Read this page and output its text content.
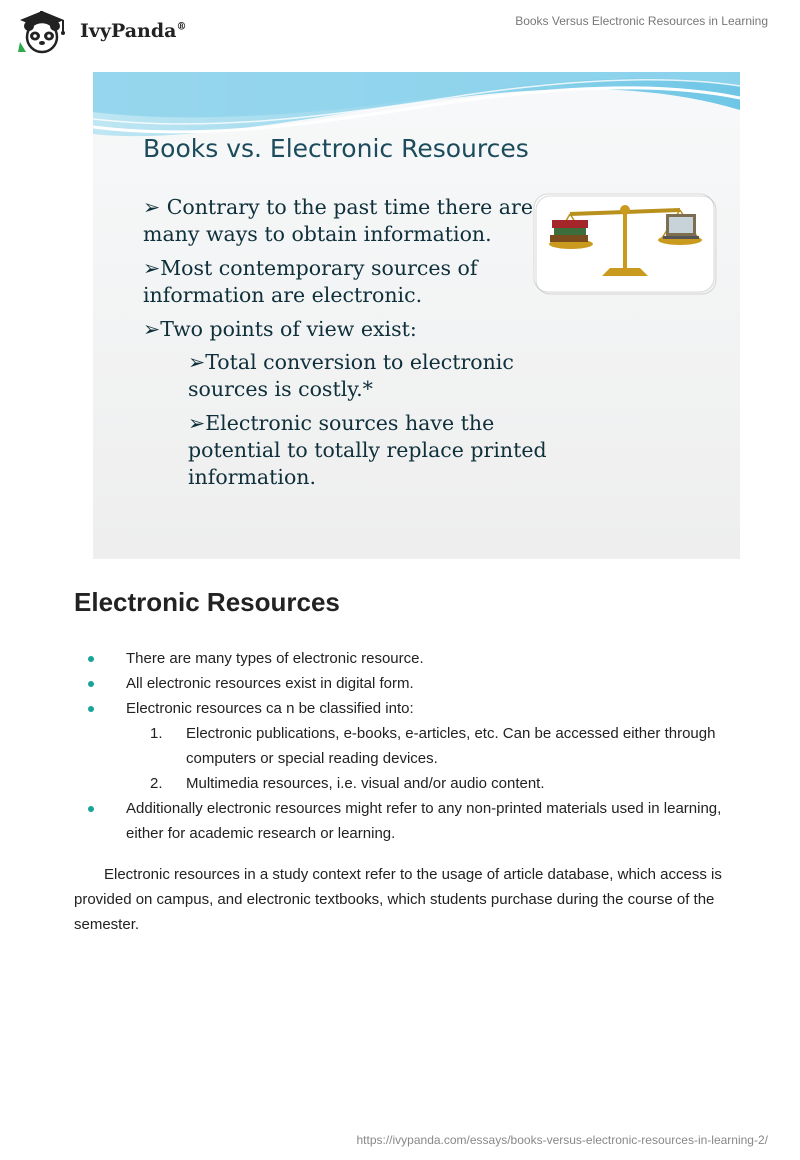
IvyPanda®	Books Versus Electronic Resources in Learning
Books vs. Electronic Resources

➢ Contrary to the past time there are
many ways to obtain information.

➢Most contemporary sources of
information are electronic.

➢Two points of view exist:

➢Total conversion to electronic
sources is costly.*

➢Electronic sources have the
potential to totally replace printed
information.

Electronic Resources
There are many types of electronic resource.
All electronic resources exist in digital form.
Electronic resources ca n be classified into:
1. Electronic publications, e-books, e-articles, etc. Can be accessed either through computers or special reading devices.
2. Multimedia resources, i.e. visual and/or audio content.
Additionally electronic resources might refer to any non-printed materials used in learning, either for academic research or learning.

Electronic resources in a study context refer to the usage of article database, which access is provided on campus, and electronic textbooks, which students purchase during the course of the semester.

https://ivypanda.com/essays/books-versus-electronic-resources-in-learning-2/
